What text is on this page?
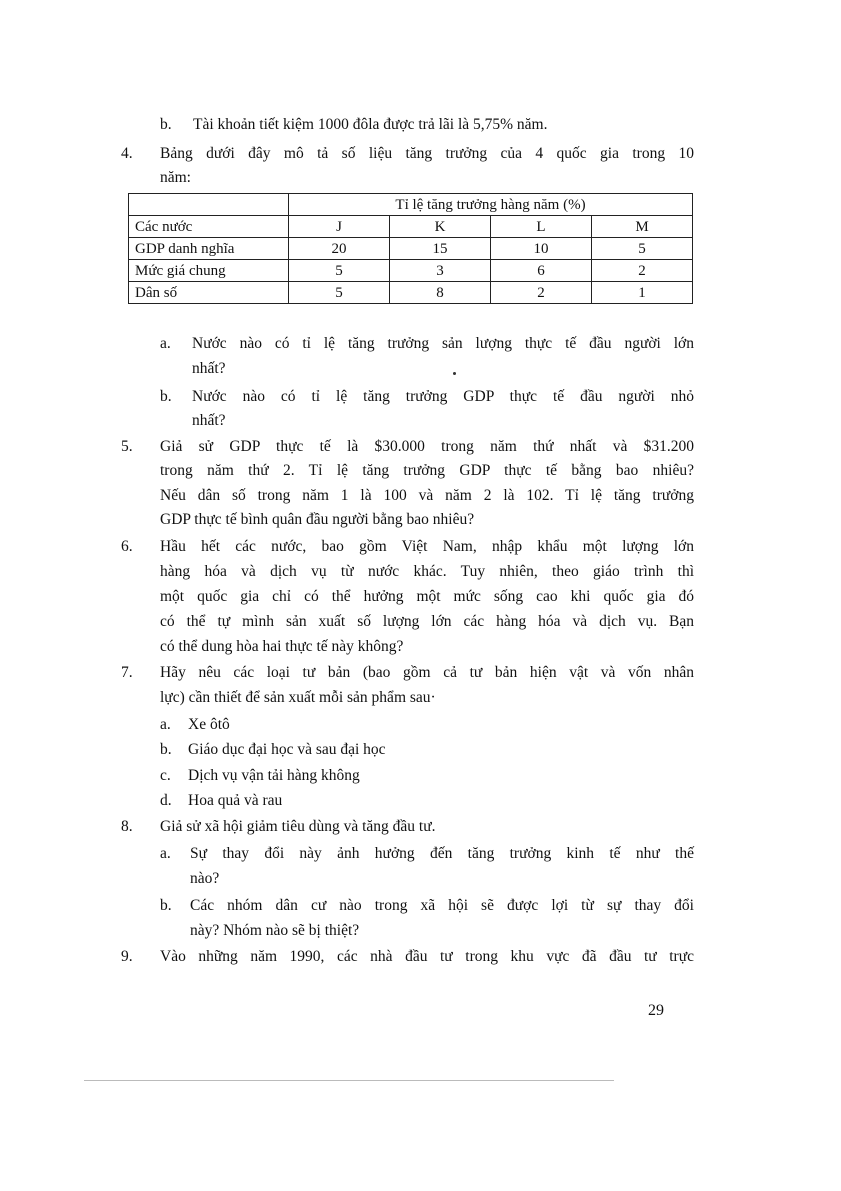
b. Tài khoản tiết kiệm 1000 đôla được trả lãi là 5,75% năm.
4. Bảng dưới đây mô tả số liệu tăng trưởng của 4 quốc gia trong 10
năm:
	Tỉ lệ tăng trưởng hàng năm (%)			
Các nước	J	K	L	M
GDP danh nghĩa	20	15	10	5
Mức giá chung	5	3	6	2
Dân số	5	8	2	1
a. Nước nào có tỉ lệ tăng trưởng sản lượng thực tế đầu người lớn
nhất?
b. Nước nào có tỉ lệ tăng trưởng GDP thực tế đầu người nhỏ
nhất?
5. Giả sử GDP thực tế là $30.000 trong năm thứ nhất và $31.200
trong năm thứ 2. Tỉ lệ tăng trưởng GDP thực tế bằng bao nhiêu?
Nếu dân số trong năm 1 là 100 và năm 2 là 102. Tỉ lệ tăng trưởng
GDP thực tế bình quân đầu người bằng bao nhiêu?
6. Hầu hết các nước, bao gồm Việt Nam, nhập khẩu một lượng lớn
hàng hóa và dịch vụ từ nước khác. Tuy nhiên, theo giáo trình thì
một quốc gia chỉ có thể hưởng một mức sống cao khi quốc gia đó
có thể tự mình sản xuất số lượng lớn các hàng hóa và dịch vụ. Bạn
có thể dung hòa hai thực tế này không?
7. Hãy nêu các loại tư bản (bao gồm cả tư bản hiện vật và vốn nhân
lực) cần thiết để sản xuất mỗi sản phẩm sau·
a. Xe ôtô
b. Giáo dục đại học và sau đại học
c. Dịch vụ vận tải hàng không
d. Hoa quả và rau
8. Giả sử xã hội giảm tiêu dùng và tăng đầu tư.
a. Sự thay đổi này ảnh hưởng đến tăng trưởng kinh tế như thế
nào?
b. Các nhóm dân cư nào trong xã hội sẽ được lợi từ sự thay đổi
này? Nhóm nào sẽ bị thiệt?
9. Vào những năm 1990, các nhà đầu tư trong khu vực đã đầu tư trực
29
